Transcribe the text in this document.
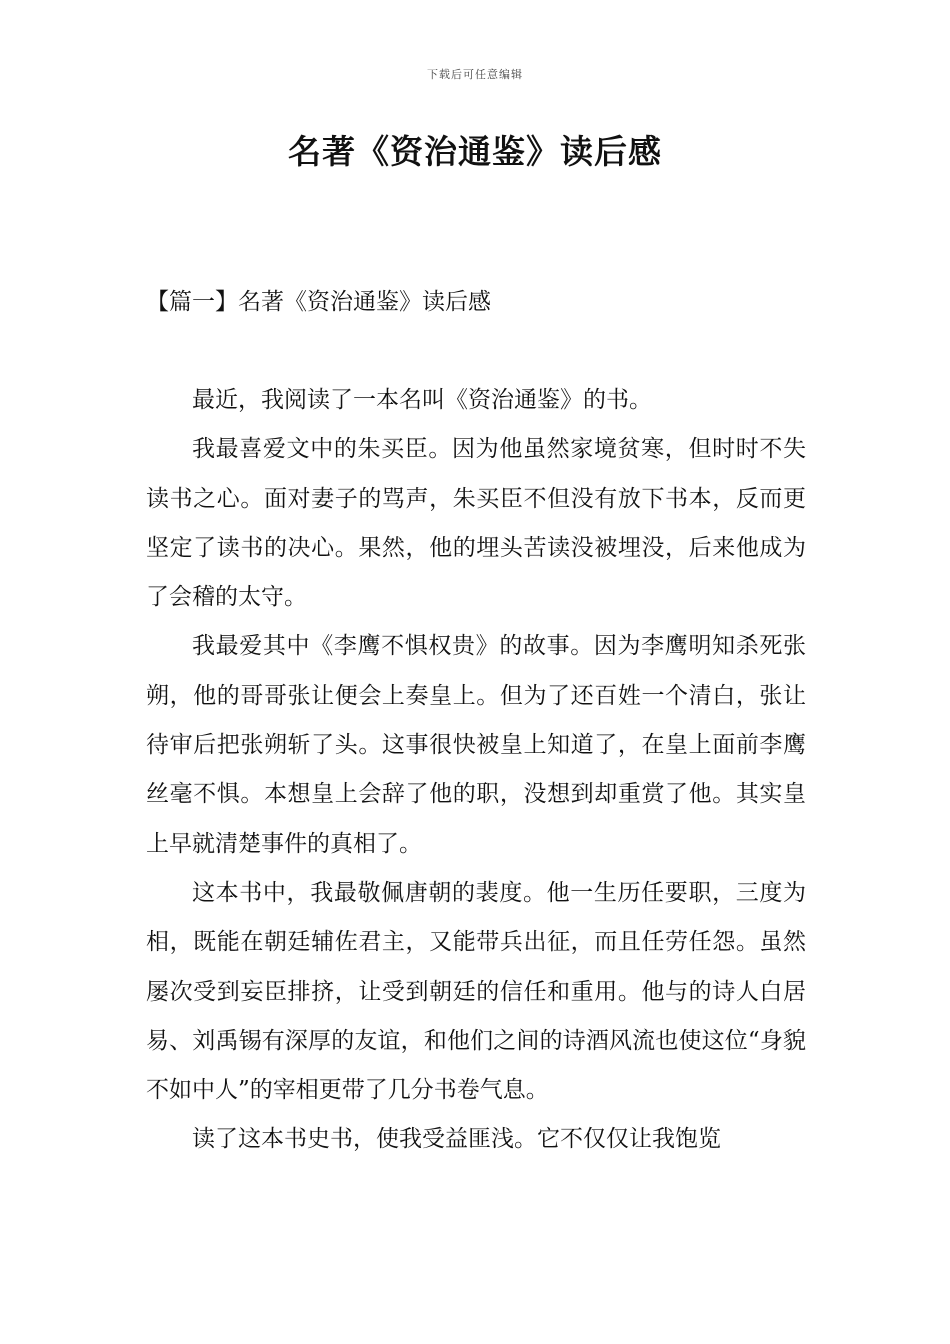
下载后可任意编辑
名著《资治通鉴》读后感
【篇一】名著《资治通鉴》读后感

最近，我阅读了一本名叫《资治通鉴》的书。

我最喜爱文中的朱买臣。因为他虽然家境贫寒，但时时不失读书之心。面对妻子的骂声，朱买臣不但没有放下书本，反而更坚定了读书的决心。果然，他的埋头苦读没被埋没，后来他成为了会稽的太守。

我最爱其中《李鹰不惧权贵》的故事。因为李鹰明知杀死张朔，他的哥哥张让便会上奏皇上。但为了还百姓一个清白，张让待审后把张朔斩了头。这事很快被皇上知道了，在皇上面前李鹰丝毫不惧。本想皇上会辞了他的职，没想到却重赏了他。其实皇上早就清楚事件的真相了。

这本书中，我最敬佩唐朝的裴度。他一生历任要职，三度为相，既能在朝廷辅佐君主，又能带兵出征，而且任劳任怨。虽然屡次受到妄臣排挤，让受到朝廷的信任和重用。他与的诗人白居易、刘禹锡有深厚的友谊，和他们之间的诗酒风流也使这位“身貌不如中人”的宰相更带了几分书卷气息。

读了这本书史书，使我受益匪浅。它不仅仅让我饱览
